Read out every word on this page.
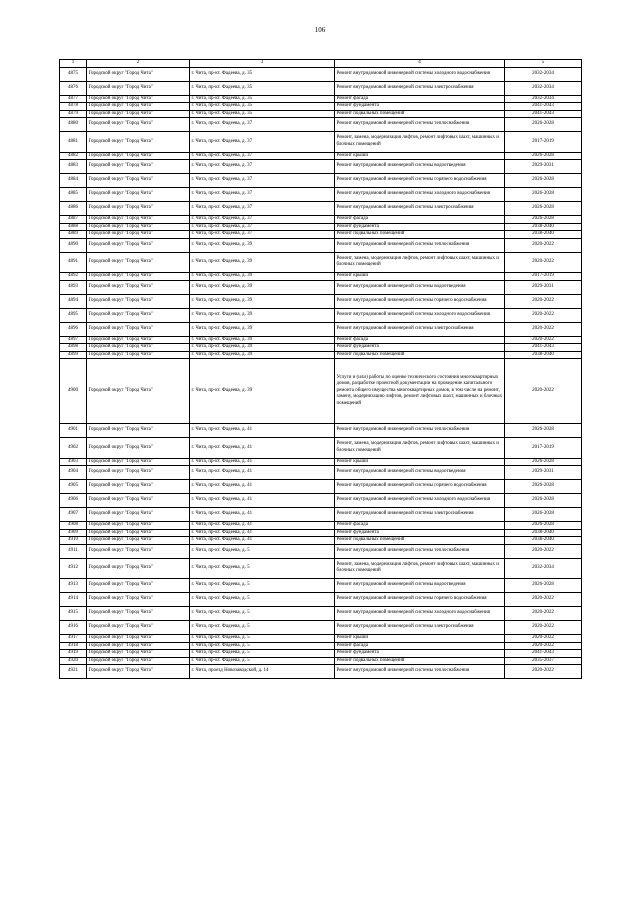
106
1	2	3	4	5
4875	Городской округ "Город Чита"	г. Чита, пр-кт. Фадеева, д. 35	Ремонт внутридомовой инженерной системы холодного водоснабжения	2032-2034
4876	Городской округ "Город Чита"	г. Чита, пр-кт. Фадеева, д. 35	Ремонт внутридомовой инженерной системы электроснабжения	2032-2034
4877	Городской округ "Город Чита"	г. Чита, пр-кт. Фадеева, д. 35	Ремонт фасада	2032-2034
4878	Городской округ "Город Чита"	г. Чита, пр-кт. Фадеева, д. 35	Ремонт фундамента	2041-2043
4879	Городской округ "Город Чита"	г. Чита, пр-кт. Фадеева, д. 35	Ремонт подвальных помещений	2041-2043
4880	Городской округ "Город Чита"	г. Чита, пр-кт. Фадеева, д. 37	Ремонт внутридомовой инженерной системы теплоснабжения	2026-2028
4881	Городской округ "Город Чита"	г. Чита, пр-кт. Фадеева, д. 37	Ремонт, замена, модернизация лифтов, ремонт лифтовых шахт, машинных и блочных помещений	2017-2019
4882	Городской округ "Город Чита"	г. Чита, пр-кт. Фадеева, д. 37	Ремонт крыши	2026-2028
4883	Городской округ "Город Чита"	г. Чита, пр-кт. Фадеева, д. 37	Ремонт внутридомовой инженерной системы водоотведения	2029-2031
4884	Городской округ "Город Чита"	г. Чита, пр-кт. Фадеева, д. 37	Ремонт внутридомовой инженерной системы горячего водоснабжения	2026-2028
4885	Городской округ "Город Чита"	г. Чита, пр-кт. Фадеева, д. 37	Ремонт внутридомовой инженерной системы холодного водоснабжения	2026-2028
4886	Городской округ "Город Чита"	г. Чита, пр-кт. Фадеева, д. 37	Ремонт внутридомовой инженерной системы электроснабжения	2026-2028
4887	Городской округ "Город Чита"	г. Чита, пр-кт. Фадеева, д. 37	Ремонт фасада	2026-2028
4888	Городской округ "Город Чита"	г. Чита, пр-кт. Фадеева, д. 37	Ремонт фундамента	2038-2040
4889	Городской округ "Город Чита"	г. Чита, пр-кт. Фадеева, д. 37	Ремонт подвальных помещений	2038-2040
4890	Городской округ "Город Чита"	г. Чита, пр-кт. Фадеева, д. 39	Ремонт внутридомовой инженерной системы теплоснабжения	2020-2022
4891	Городской округ "Город Чита"	г. Чита, пр-кт. Фадеева, д. 39	Ремонт, замена, модернизация лифтов, ремонт лифтовых шахт, машинных и блочных помещений	2020-2022
4892	Городской округ "Город Чита"	г. Чита, пр-кт. Фадеева, д. 39	Ремонт крыши	2017-2019
4893	Городской округ "Город Чита"	г. Чита, пр-кт. Фадеева, д. 39	Ремонт внутридомовой инженерной системы водоотведения	2029-2031
4894	Городской округ "Город Чита"	г. Чита, пр-кт. Фадеева, д. 39	Ремонт внутридомовой инженерной системы горячего водоснабжения	2020-2022
4895	Городской округ "Город Чита"	г. Чита, пр-кт. Фадеева, д. 39	Ремонт внутридомовой инженерной системы холодного водоснабжения	2020-2022
4896	Городской округ "Город Чита"	г. Чита, пр-кт. Фадеева, д. 39	Ремонт внутридомовой инженерной системы электроснабжения	2020-2022
4897	Городской округ "Город Чита"	г. Чита, пр-кт. Фадеева, д. 39	Ремонт фасада	2020-2022
4898	Городской округ "Город Чита"	г. Чита, пр-кт. Фадеева, д. 39	Ремонт фундамента	2041-2043
4899	Городской округ "Город Чита"	г. Чита, пр-кт. Фадеева, д. 39	Ремонт подвальных помещений	2038-2040
4900	Городской округ "Город Чита"	г. Чита, пр-кт. Фадеева, д. 39	Услуги и (или) работы по оценке технического состояния многоквартирных домов, разработке проектной документации на проведение капитального ремонта общего имущества многоквартирных домов, в том числе на ремонт, замену, модернизацию лифтов, ремонт лифтовых шахт, машинных и блочных помещений	2020-2022
4901	Городской округ "Город Чита"	г. Чита, пр-кт. Фадеева, д. 41	Ремонт внутридомовой инженерной системы теплоснабжения	2026-2028
4902	Городской округ "Город Чита"	г. Чита, пр-кт. Фадеева, д. 41	Ремонт, замена, модернизация лифтов, ремонт лифтовых шахт, машинных и блочных помещений	2017-2019
4903	Городской округ "Город Чита"	г. Чита, пр-кт. Фадеева, д. 41	Ремонт крыши	2026-2028
4904	Городской округ "Город Чита"	г. Чита, пр-кт. Фадеева, д. 41	Ремонт внутридомовой инженерной системы водоотведения	2029-2031
4905	Городской округ "Город Чита"	г. Чита, пр-кт. Фадеева, д. 41	Ремонт внутридомовой инженерной системы горячего водоснабжения	2026-2028
4906	Городской округ "Город Чита"	г. Чита, пр-кт. Фадеева, д. 41	Ремонт внутридомовой инженерной системы холодного водоснабжения	2026-2028
4907	Городской округ "Город Чита"	г. Чита, пр-кт. Фадеева, д. 41	Ремонт внутридомовой инженерной системы электроснабжения	2026-2028
4908	Городской округ "Город Чита"	г. Чита, пр-кт. Фадеева, д. 41	Ремонт фасада	2026-2028
4909	Городской округ "Город Чита"	г. Чита, пр-кт. Фадеева, д. 41	Ремонт фундамента	2038-2040
4910	Городской округ "Город Чита"	г. Чита, пр-кт. Фадеева, д. 41	Ремонт подвальных помещений	2038-2040
4911	Городской округ "Город Чита"	г. Чита, пр-кт. Фадеева, д. 5	Ремонт внутридомовой инженерной системы теплоснабжения	2020-2022
4912	Городской округ "Город Чита"	г. Чита, пр-кт. Фадеева, д. 5	Ремонт, замена, модернизация лифтов, ремонт лифтовых шахт, машинных и блочных помещений	2032-2034
4913	Городской округ "Город Чита"	г. Чита, пр-кт. Фадеева, д. 5	Ремонт внутридомовой инженерной системы водоотведения	2026-2028
4914	Городской округ "Город Чита"	г. Чита, пр-кт. Фадеева, д. 5	Ремонт внутридомовой инженерной системы горячего водоснабжения	2020-2022
4915	Городской округ "Город Чита"	г. Чита, пр-кт. Фадеева, д. 5	Ремонт внутридомовой инженерной системы холодного водоснабжения	2020-2022
4916	Городской округ "Город Чита"	г. Чита, пр-кт. Фадеева, д. 5	Ремонт внутридомовой инженерной системы электроснабжения	2020-2022
4917	Городской округ "Город Чита"	г. Чита, пр-кт. Фадеева, д. 5	Ремонт крыши	2020-2022
4918	Городской округ "Город Чита"	г. Чита, пр-кт. Фадеева, д. 5	Ремонт фасада	2020-2022
4919	Городской округ "Город Чита"	г. Чита, пр-кт. Фадеева, д. 5	Ремонт фундамента	2041-2043
4920	Городской округ "Город Чита"	г. Чита, пр-кт. Фадеева, д. 5	Ремонт подвальных помещений	2035-2037
4921	Городской округ "Город Чита"	г. Чита, проезд Новозаводской, д. 14	Ремонт внутридомовой инженерной системы теплоснабжения	2020-2022
